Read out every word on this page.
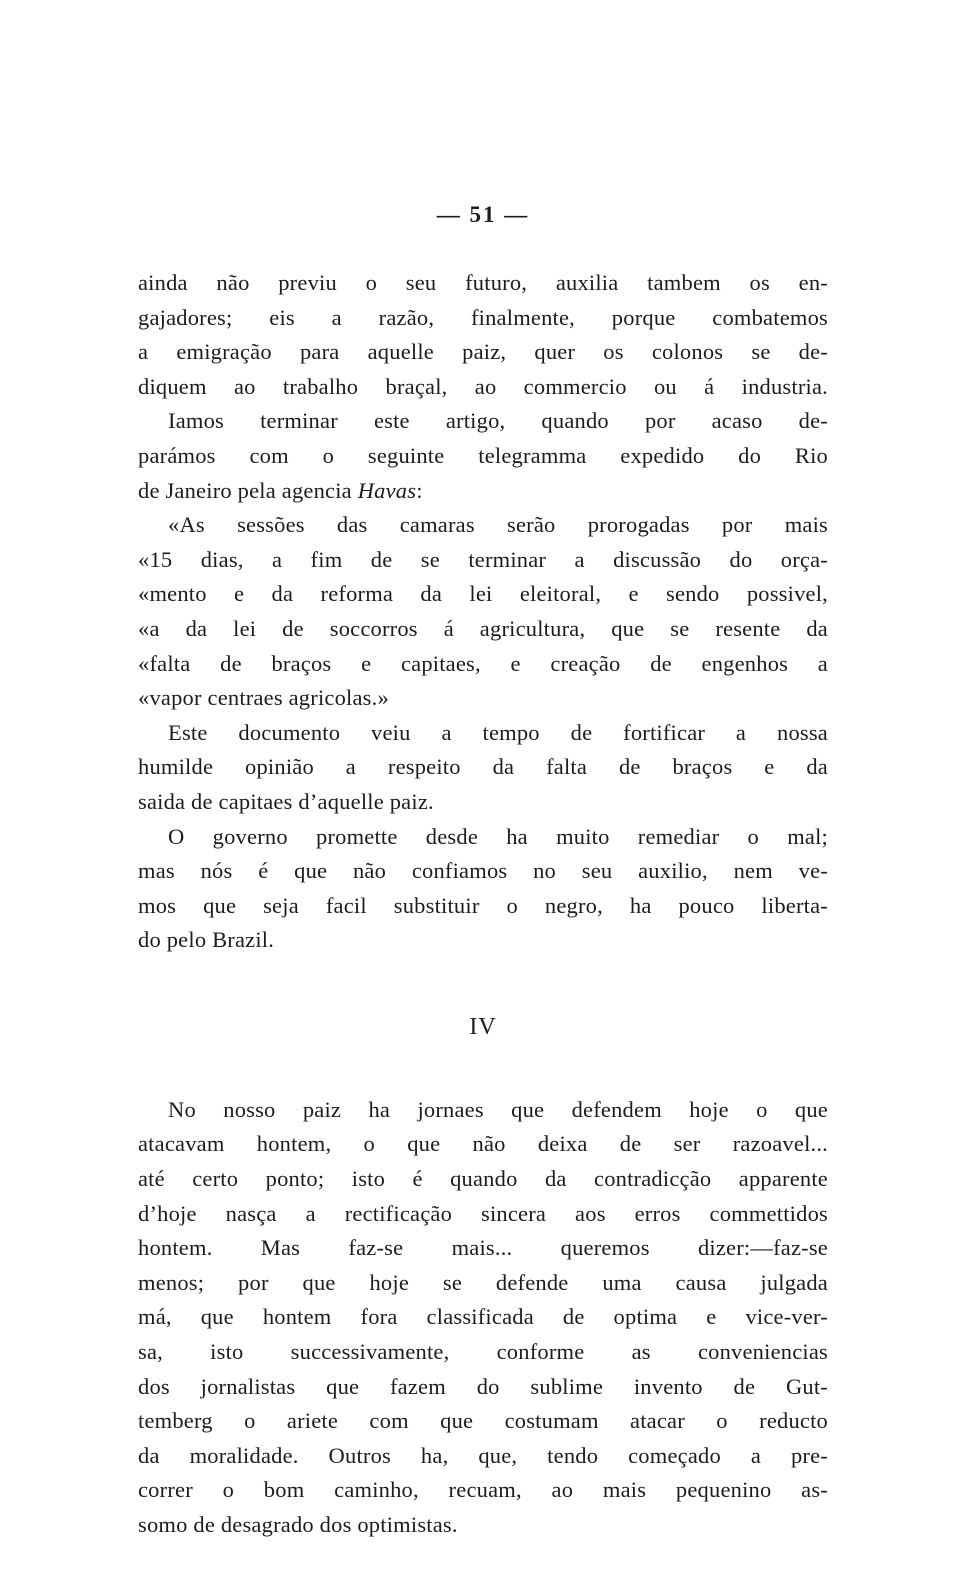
— 51 —
ainda não previu o seu futuro, auxilia tambem os en-
gajadores; eis a razão, finalmente, porque combatemos
a emigração para aquelle paiz, quer os colonos se de-
diquem ao trabalho braçal, ao commercio ou á industria.
Iamos terminar este artigo, quando por acaso de-
parámos com o seguinte telegramma expedido do Rio
de Janeiro pela agencia Havas:
«As sessões das camaras serão prorogadas por mais
«15 dias, a fim de se terminar a discussão do orça-
«mento e da reforma da lei eleitoral, e sendo possivel,
«a da lei de soccorros á agricultura, que se resente da
«falta de braços e capitaes, e creação de engenhos a
«vapor centraes agricolas.»
Este documento veiu a tempo de fortificar a nossa
humilde opinião a respeito da falta de braços e da
saida de capitaes d’aquelle paiz.
O governo promette desde ha muito remediar o mal;
mas nós é que não confiamos no seu auxilio, nem ve-
mos que seja facil substituir o negro, ha pouco liberta-
do pelo Brazil.
IV
No nosso paiz ha jornaes que defendem hoje o que
atacavam hontem, o que não deixa de ser razoavel...
até certo ponto; isto é quando da contradicção apparente
d’hoje nasça a rectificação sincera aos erros commettidos
hontem. Mas faz-se mais... queremos dizer:—faz-se
menos; por que hoje se defende uma causa julgada
má, que hontem fora classificada de optima e vice-ver-
sa, isto successivamente, conforme as conveniencias
dos jornalistas que fazem do sublime invento de Gut-
temberg o ariete com que costumam atacar o reducto
da moralidade. Outros ha, que, tendo começado a pre-
correr o bom caminho, recuam, ao mais pequenino as-
somo de desagrado dos optimistas.
